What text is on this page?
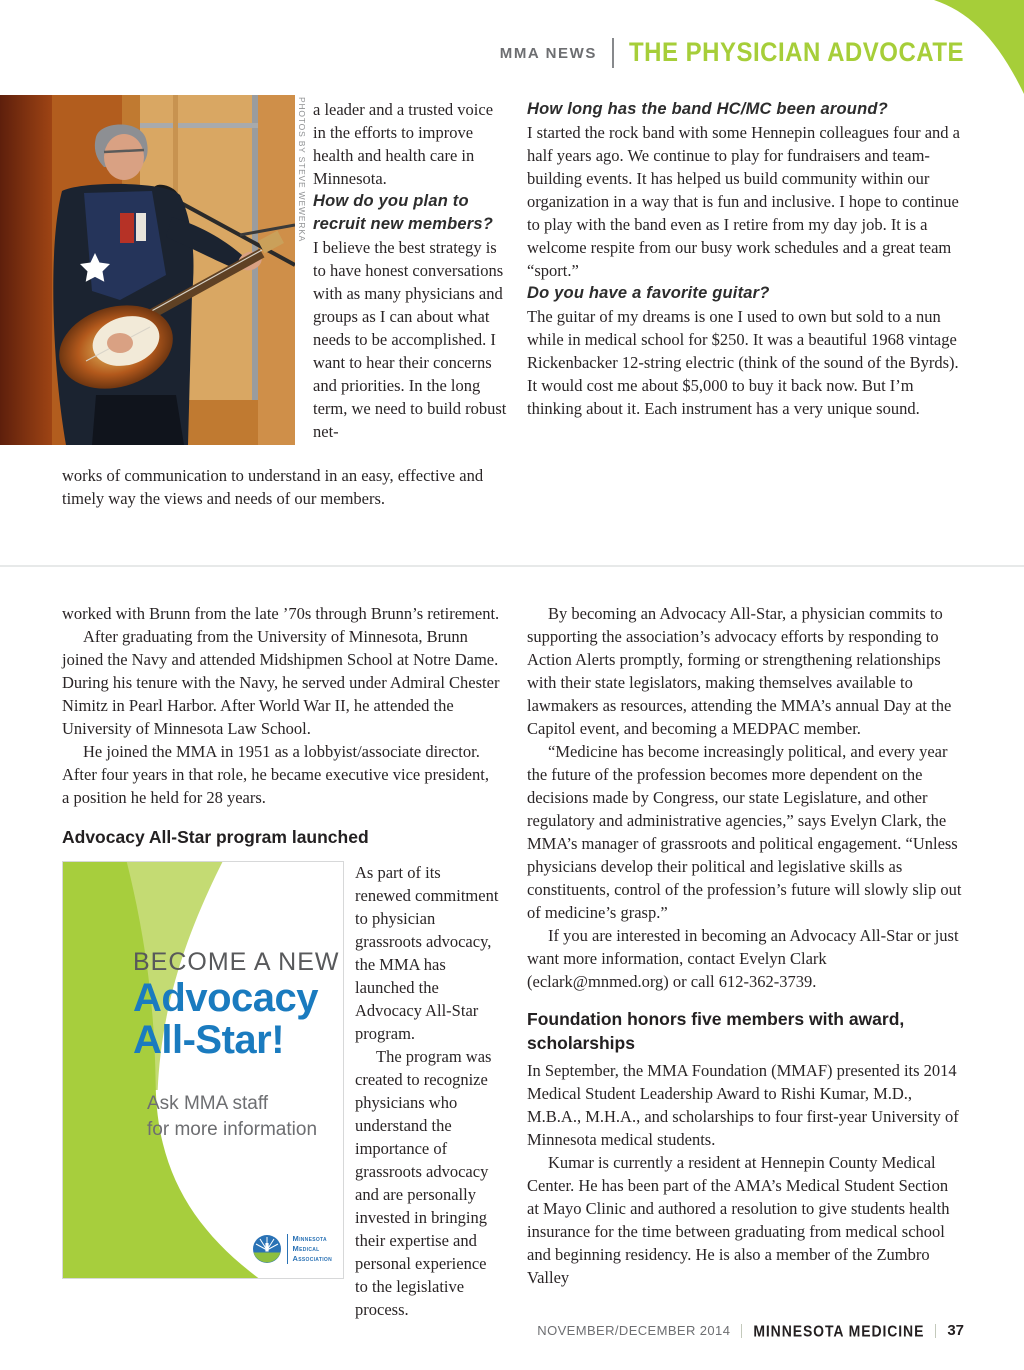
MMA NEWS THE PHYSICIAN ADVOCATE
PHOTOS BY STEVE WEWERKA a leader and a trusted voice in the efforts to improve health and health care in Minnesota.

How do you plan to recruit new members?

I believe the best strategy is to have honest conversations with as many physicians and groups as I can about what needs to be accomplished. I want to hear their concerns and priorities. In the long term, we need to build robust net-

works of communication to understand in an easy, effective and timely way the views and needs of our members.

How long has the band HC/MC been around?

I started the rock band with some Hennepin colleagues four and a half years ago. We continue to play for fundraisers and team-building events. It has helped us build community within our organization in a way that is fun and inclusive. I hope to continue to play with the band even as I retire from my day job. It is a welcome respite from our busy work schedules and a great team “sport.”

Do you have a favorite guitar?

The guitar of my dreams is one I used to own but sold to a nun while in medical school for $250. It was a beautiful 1968 vintage Rickenbacker 12-string electric (think of the sound of the Byrds). It would cost me about $5,000 to buy it back now. But I’m thinking about it. Each instrument has a very unique sound.

worked with Brunn from the late ’70s through Brunn’s retirement.

After graduating from the University of Minnesota, Brunn joined the Navy and attended Midshipmen School at Notre Dame. During his tenure with the Navy, he served under Admiral Chester Nimitz in Pearl Harbor. After World War II, he attended the University of Minnesota Law School.

He joined the MMA in 1951 as a lobbyist/associate director. After four years in that role, he became executive vice president, a position he held for 28 years.

Advocacy All-Star program launched
BECOME A NEW
Advocacy
All-Star!
Ask MMA staff
for more information
Minnesota
Medical
Association

As part of its renewed commitment to physician grassroots advocacy, the MMA has launched the Advocacy All-Star program.

The program was created to recognize physicians who understand the importance of grassroots advocacy and are personally invested in bringing their expertise and personal experience to the legislative process.

By becoming an Advocacy All-Star, a physician commits to supporting the association’s advocacy efforts by responding to Action Alerts promptly, forming or strengthening relationships with their state legislators, making themselves available to lawmakers as resources, attending the MMA’s annual Day at the Capitol event, and becoming a MEDPAC member.

“Medicine has become increasingly political, and every year the future of the profession becomes more dependent on the decisions made by Congress, our state Legislature, and other regulatory and administrative agencies,” says Evelyn Clark, the MMA’s manager of grassroots and political engagement. “Unless physicians develop their political and legislative skills as constituents, control of the profession’s future will slowly slip out of medicine’s grasp.”

If you are interested in becoming an Advocacy All-Star or just want more information, contact Evelyn Clark (eclark@mnmed.org) or call 612-362-3739.

Foundation honors five members with award, scholarships

In September, the MMA Foundation (MMAF) presented its 2014 Medical Student Leadership Award to Rishi Kumar, M.D., M.B.A., M.H.A., and scholarships to four first-year University of Minnesota medical students.

Kumar is currently a resident at Hennepin County Medical Center. He has been part of the AMA’s Medical Student Section at Mayo Clinic and authored a resolution to give students health insurance for the time between graduating from medical school and beginning residency. He is also a member of the Zumbro Valley

NOVEMBER/DECEMBER 2014 MINNESOTA MEDICINE 37
